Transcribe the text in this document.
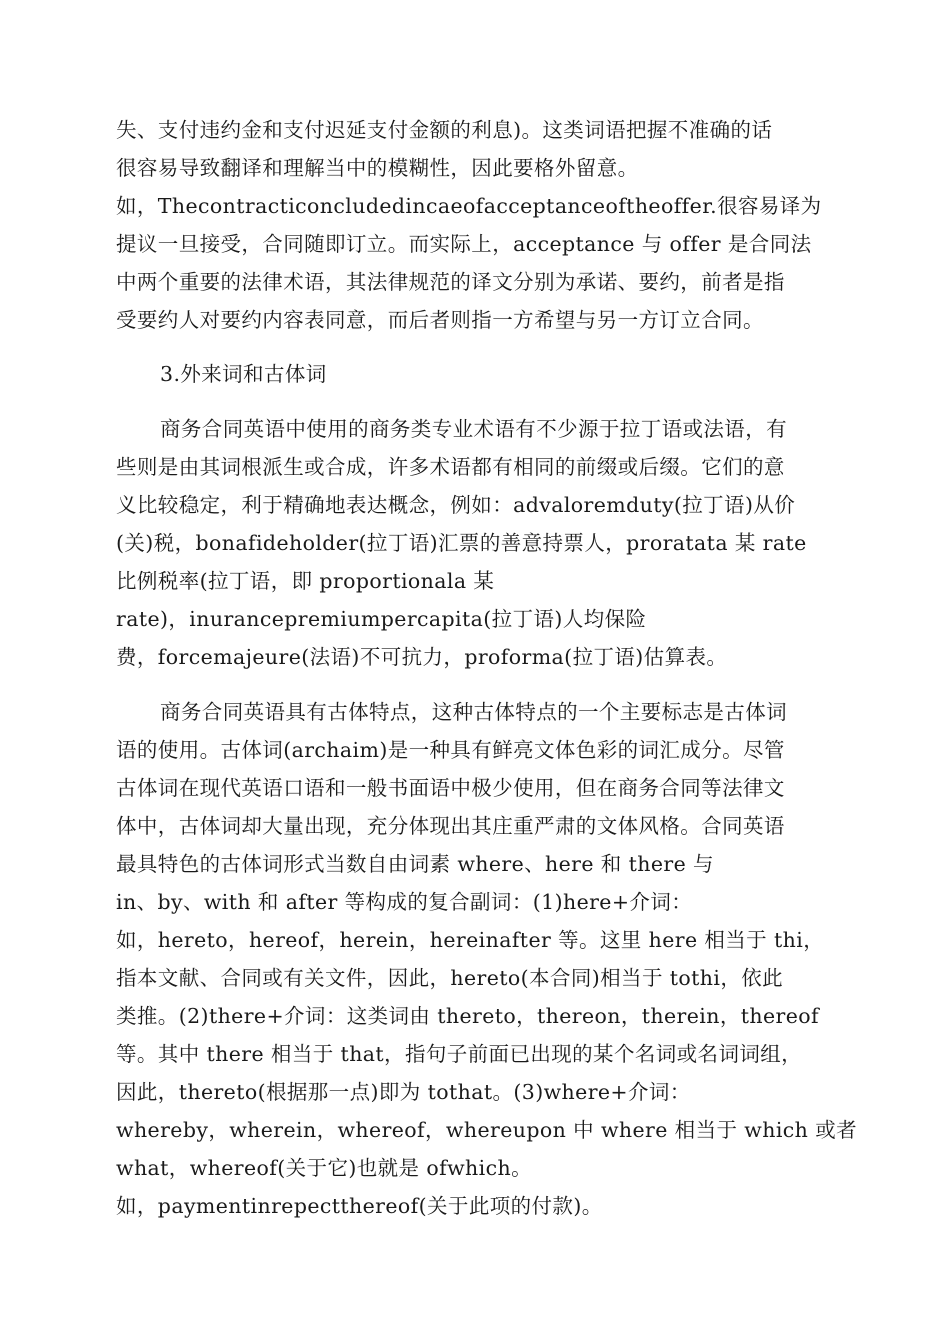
失、支付违约金和支付迟延支付金额的利息)。这类词语把握不准确的话
很容易导致翻译和理解当中的模糊性，因此要格外留意。
如，Thecontracticoncludedincaeofacceptanceoftheoffer.很容易译为
提议一旦接受，合同随即订立。而实际上，acceptance 与 offer 是合同法
中两个重要的法律术语，其法律规范的译文分别为承诺、要约，前者是指
受要约人对要约内容表同意，而后者则指一方希望与另一方订立合同。
3.外来词和古体词
商务合同英语中使用的商务类专业术语有不少源于拉丁语或法语，有
些则是由其词根派生或合成，许多术语都有相同的前缀或后缀。它们的意
义比较稳定，利于精确地表达概念，例如：advaloremduty(拉丁语)从价
(关)税，bonafideholder(拉丁语)汇票的善意持票人，proratata 某 rate
比例税率(拉丁语，即 proportionala 某
rate)，inurancepremiumpercapita(拉丁语)人均保险
费，forcemajeure(法语)不可抗力，proforma(拉丁语)估算表。
商务合同英语具有古体特点，这种古体特点的一个主要标志是古体词
语的使用。古体词(archaim)是一种具有鲜亮文体色彩的词汇成分。尽管
古体词在现代英语口语和一般书面语中极少使用，但在商务合同等法律文
体中，古体词却大量出现，充分体现出其庄重严肃的文体风格。合同英语
最具特色的古体词形式当数自由词素 where、here 和 there 与
in、by、with 和 after 等构成的复合副词：(1)here+介词：
如，hereto，hereof，herein，hereinafter 等。这里 here 相当于 thi，
指本文献、合同或有关文件，因此，hereto(本合同)相当于 tothi，依此
类推。(2)there+介词：这类词由 thereto，thereon，therein，thereof
等。其中 there 相当于 that，指句子前面已出现的某个名词或名词词组，
因此，thereto(根据那一点)即为 tothat。(3)where+介词：
whereby，wherein，whereof，whereupon 中 where 相当于 which 或者
what，whereof(关于它)也就是 ofwhich。
如，paymentinrepectthereof(关于此项的付款)。
